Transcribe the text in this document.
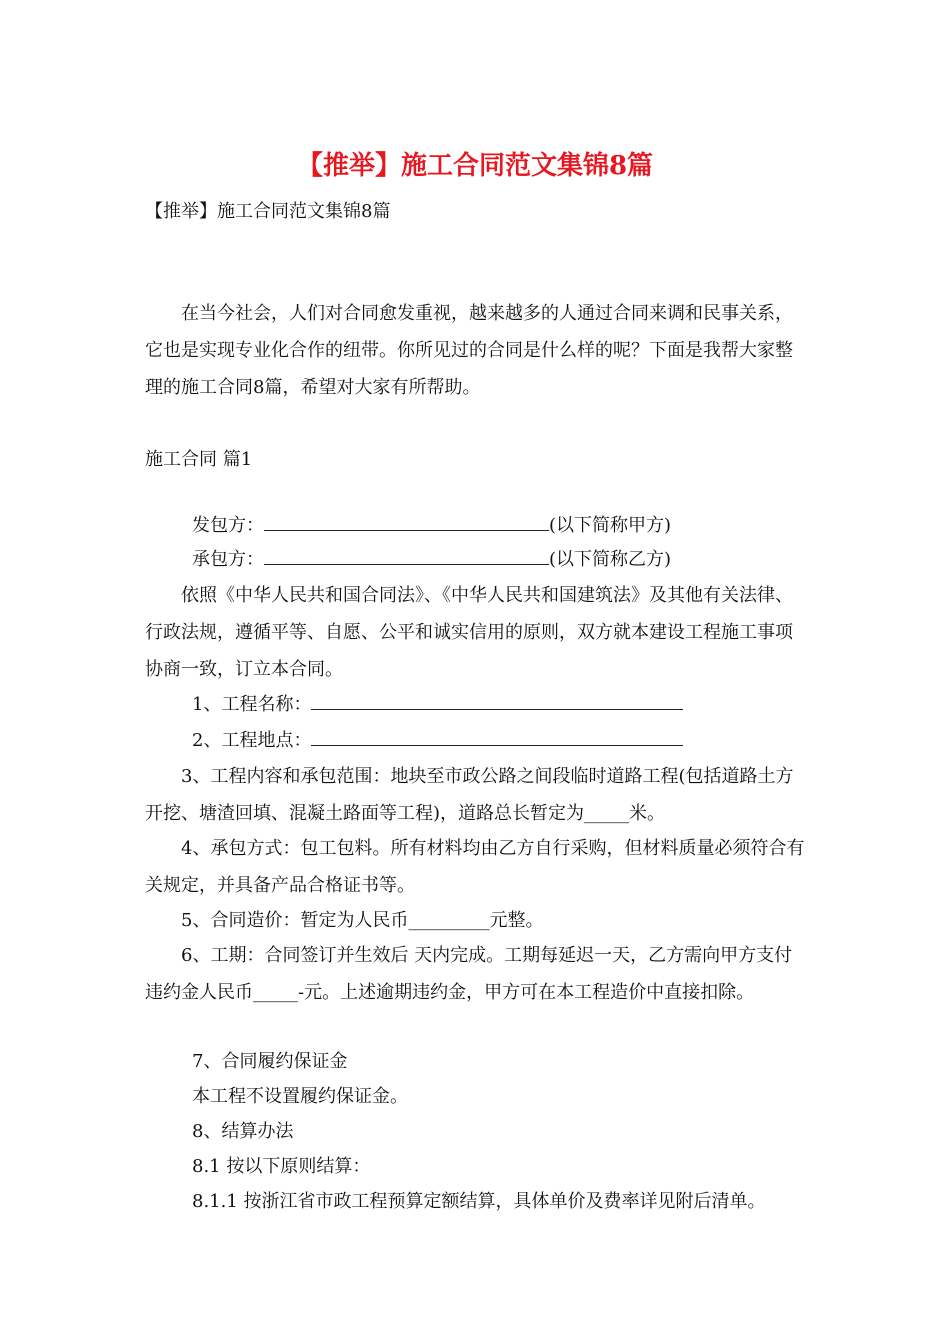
【推举】施工合同范文集锦8篇
【推举】施工合同范文集锦8篇
在当今社会，人们对合同愈发重视，越来越多的人通过合同来调和民事关系，它也是实现专业化合作的纽带。你所见过的合同是什么样的呢？下面是我帮大家整理的施工合同8篇，希望对大家有所帮助。
施工合同 篇1
发包方：	(以下简称甲方)
承包方：	(以下简称乙方)
依照《中华人民共和国合同法》、《中华人民共和国建筑法》及其他有关法律、行政法规，遵循平等、自愿、公平和诚实信用的原则，双方就本建设工程施工事项协商一致，订立本合同。
1、工程名称：
2、工程地点：
3、工程内容和承包范围：地块至市政公路之间段临时道路工程(包括道路土方开挖、塘渣回填、混凝土路面等工程)，道路总长暂定为_____米。
4、承包方式：包工包料。所有材料均由乙方自行采购，但材料质量必须符合有关规定，并具备产品合格证书等。
5、合同造价：暂定为人民币_________元整。
6、工期：合同签订并生效后 天内完成。工期每延迟一天，乙方需向甲方支付违约金人民币_____-元。上述逾期违约金，甲方可在本工程造价中直接扣除。
7、合同履约保证金
本工程不设置履约保证金。
8、结算办法
8.1 按以下原则结算：
8.1.1 按浙江省市政工程预算定额结算，具体单价及费率详见附后清单。
